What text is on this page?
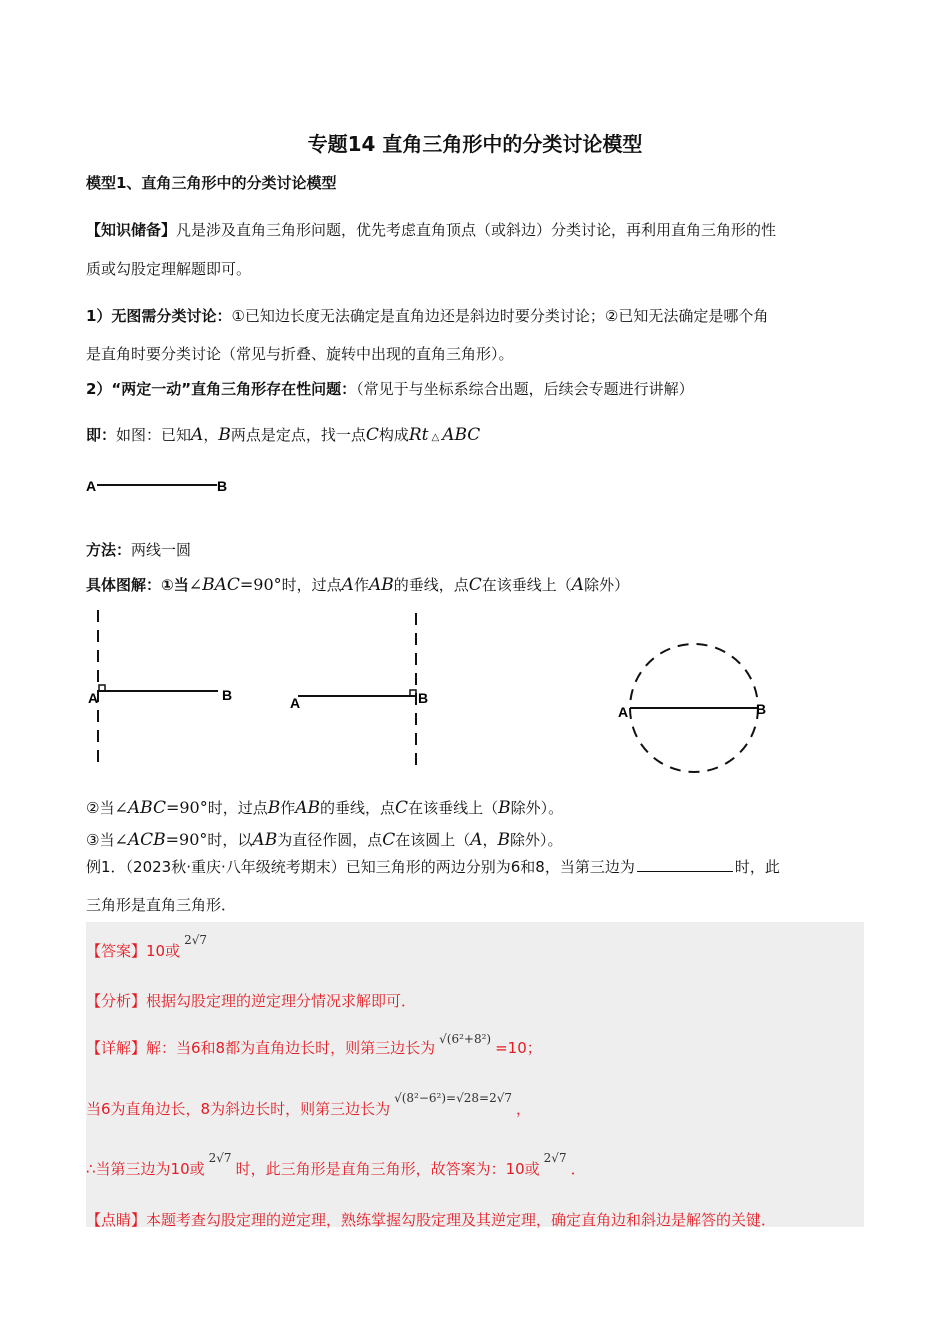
专题14 直角三角形中的分类讨论模型
模型1、直角三角形中的分类讨论模型
【知识储备】凡是涉及直角三角形问题，优先考虑直角顶点（或斜边）分类讨论，再利用直角三角形的性
质或勾股定理解题即可。
1）无图需分类讨论：①已知边长度无法确定是直角边还是斜边时要分类讨论；②已知无法确定是哪个角
是直角时要分类讨论（常见与折叠、旋转中出现的直角三角形）。
2）“两定一动”直角三角形存在性问题：（常见于与坐标系综合出题，后续会专题进行讲解）
即：如图：已知A，B两点是定点，找一点C构成Rt △ ABC
A	B
方法：两线一圆
具体图解：①当∠BAC=90°时，过点A作AB的垂线，点C在该垂线上（A除外）
A	B	A	B
A	B
②当∠ABC=90°时，过点B作AB的垂线，点C在该垂线上（B除外）。
③当∠ACB=90°时，以AB为直径作圆，点C在该圆上（A，B除外）。
例1．（2023秋·重庆·八年级统考期末）已知三角形的两边分别为6和8，当第三边为	时，此
三角形是直角三角形．
【答案】10或$^{2√7}$
【分析】根据勾股定理的逆定理分情况求解即可．
【详解】解：当6和8都为直角边长时，则第三边长为 $^{√(6^2+8^2)}$ =10；
当6为直角边长，8为斜边长时，则第三边长为$^{√(8^2-6^2)=√28=2√7}$，
∴当第三边为10或$^{2√7}$时，此三角形是直角三角形，故答案为：10或$^{2√7}$．
【点睛】本题考查勾股定理的逆定理，熟练掌握勾股定理及其逆定理，确定直角边和斜边是解答的关键．
